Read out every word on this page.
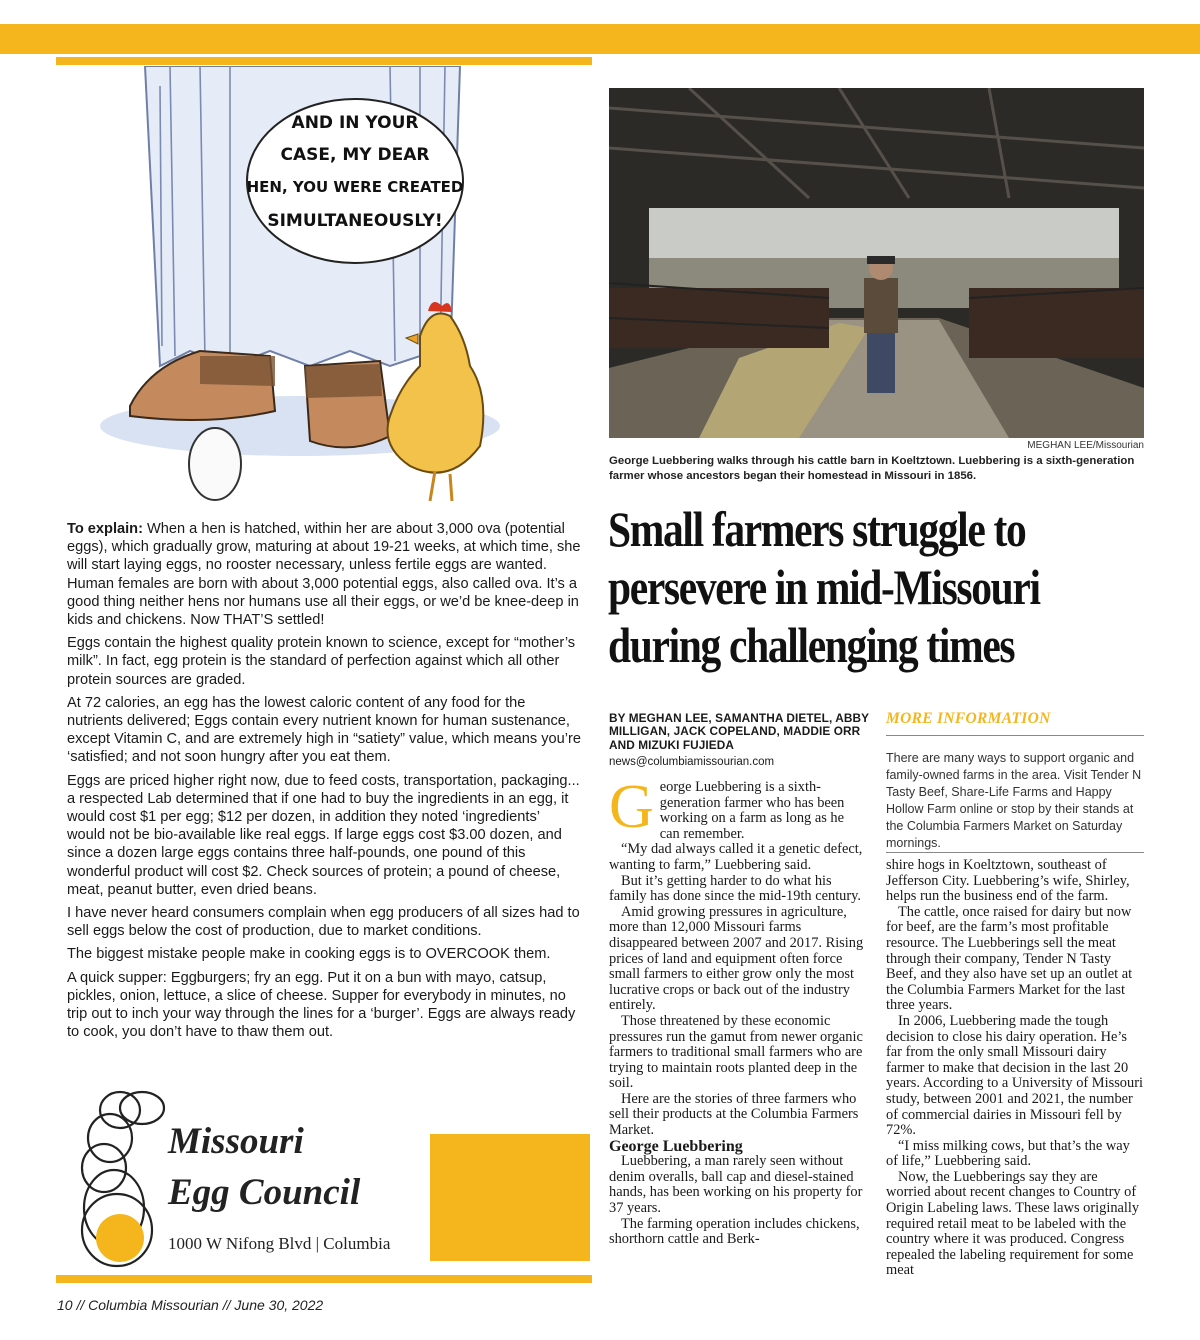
AND IN YOUR
CASE, MY DEAR
HEN, YOU WERE CREATED
SIMULTANEOUSLY!

To explain: When a hen is hatched, within her are about 3,000 ova (potential eggs), which gradually grow, maturing at about 19-21 weeks, at which time, she will start laying eggs, no rooster necessary, unless fertile eggs are wanted. Human females are born with about 3,000 potential eggs, also called ova. It’s a good thing neither hens nor humans use all their eggs, or we’d be knee-deep in kids and chickens. Now THAT’S settled!

Eggs contain the highest quality protein known to science, except for “mother’s milk”. In fact, egg protein is the standard of perfection against which all other protein sources are graded.

At 72 calories, an egg has the lowest caloric content of any food for the nutrients delivered; Eggs contain every nutrient known for human sustenance, except Vitamin C, and are extremely high in “satiety” value, which means you’re ‘satisfied; and not soon hungry after you eat them.

Eggs are priced higher right now, due to feed costs, transportation, packaging... a respected Lab determined that if one had to buy the ingredients in an egg, it would cost $1 per egg; $12 per dozen, in addition they noted ‘ingredients’ would not be bio-available like real eggs. If large eggs cost $3.00 dozen, and since a dozen large eggs contains three half-pounds, one pound of this wonderful product will cost $2. Check sources of protein; a pound of cheese, meat, peanut butter, even dried beans.

I have never heard consumers complain when egg producers of all sizes had to sell eggs below the cost of production, due to market conditions.

The biggest mistake people make in cooking eggs is to OVERCOOK them.

A quick supper: Eggburgers; fry an egg. Put it on a bun with mayo, catsup, pickles, onion, lettuce, a slice of cheese. Supper for everybody in minutes, no trip out to inch your way through the lines for a ‘burger’. Eggs are always ready to cook, you don’t have to thaw them out.

Missouri
Egg Council
1000 W Nifong Blvd | Columbia
10 // Columbia Missourian // June 30, 2022
MEGHAN LEE/Missourian
George Luebbering walks through his cattle barn in Koeltztown. Luebbering is a sixth-generation farmer whose ancestors began their homestead in Missouri in 1856.
Small farmers struggle to persevere in mid-Missouri during challenging times
BY MEGHAN LEE, SAMANTHA DIETEL, ABBY MILLIGAN, JACK COPELAND, MADDIE ORR AND MIZUKI FUJIEDA
news@columbiamissourian.com

George Luebbering is a sixth-generation farmer who has been working on a farm as long as he can remember.

“My dad always called it a genetic defect, wanting to farm,” Luebbering said.

But it’s getting harder to do what his family has done since the mid-19th century.

Amid growing pressures in agriculture, more than 12,000 Missouri farms disappeared between 2007 and 2017. Rising prices of land and equipment often force small farmers to either grow only the most lucrative crops or back out of the industry entirely.

Those threatened by these economic pressures run the gamut from newer organic farmers to traditional small farmers who are trying to maintain roots planted deep in the soil.

Here are the stories of three farmers who sell their products at the Columbia Farmers Market.

George Luebbering

Luebbering, a man rarely seen without denim overalls, ball cap and diesel-stained hands, has been working on his property for 37 years.

The farming operation includes chickens, shorthorn cattle and Berk-

MORE INFORMATION
There are many ways to support organic and family-owned farms in the area. Visit Tender N Tasty Beef, Share-Life Farms and Happy Hollow Farm online or stop by their stands at the Columbia Farmers Market on Saturday mornings.

shire hogs in Koeltztown, southeast of Jefferson City. Luebbering’s wife, Shirley, helps run the business end of the farm.

The cattle, once raised for dairy but now for beef, are the farm’s most profitable resource. The Luebberings sell the meat through their company, Tender N Tasty Beef, and they also have set up an outlet at the Columbia Farmers Market for the last three years.

In 2006, Luebbering made the tough decision to close his dairy operation. He’s far from the only small Missouri dairy farmer to make that decision in the last 20 years. According to a University of Missouri study, between 2001 and 2021, the number of commercial dairies in Missouri fell by 72%.

“I miss milking cows, but that’s the way of life,” Luebbering said.

Now, the Luebberings say they are worried about recent changes to Country of Origin Labeling laws. These laws originally required retail meat to be labeled with the country where it was produced. Congress repealed the labeling requirement for some meat
